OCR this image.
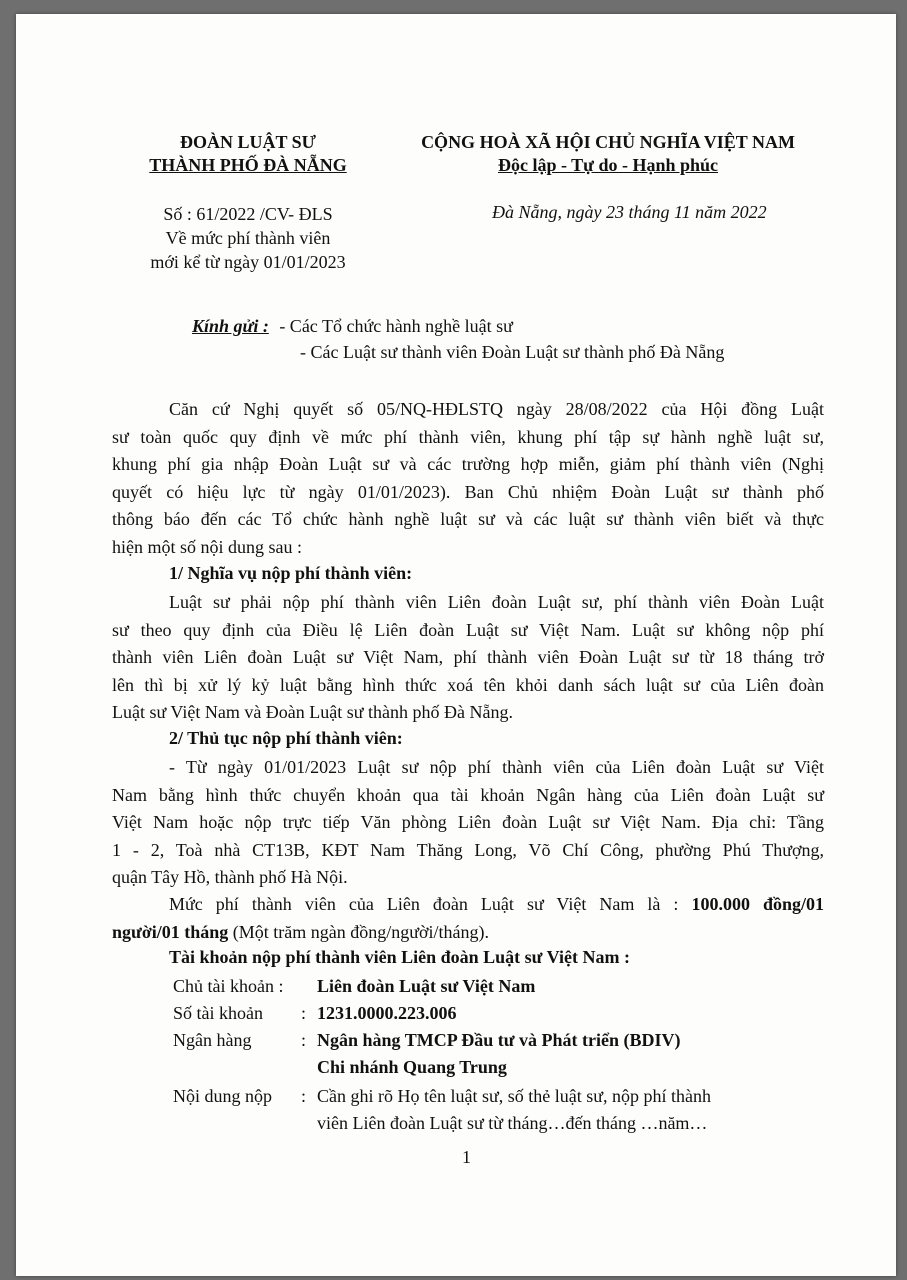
ĐOÀN LUẬT SƯ
THÀNH PHỐ ĐÀ NẴNG
CỘNG HOÀ XÃ HỘI CHỦ NGHĨA VIỆT NAM
Độc lập - Tự do - Hạnh phúc
Số : 61/2022 /CV- ĐLS
Về mức phí thành viên
mới kể từ ngày 01/01/2023
Đà Nẵng, ngày 23 tháng 11 năm 2022
Kính gửi : - Các Tổ chức hành nghề luật sư
- Các Luật sư thành viên Đoàn Luật sư thành phố Đà Nẵng
Căn cứ Nghị quyết số 05/NQ-HĐLSTQ ngày 28/08/2022 của Hội đồng Luật
sư toàn quốc quy định về mức phí thành viên, khung phí tập sự hành nghề luật sư,
khung phí gia nhập Đoàn Luật sư và các trường hợp miễn, giảm phí thành viên (Nghị
quyết có hiệu lực từ ngày 01/01/2023). Ban Chủ nhiệm Đoàn Luật sư thành phố
thông báo đến các Tổ chức hành nghề luật sư và các luật sư thành viên biết và thực
hiện một số nội dung sau :
1/ Nghĩa vụ nộp phí thành viên:
Luật sư phải nộp phí thành viên Liên đoàn Luật sư, phí thành viên Đoàn Luật
sư theo quy định của Điều lệ Liên đoàn Luật sư Việt Nam. Luật sư không nộp phí
thành viên Liên đoàn Luật sư Việt Nam, phí thành viên Đoàn Luật sư từ 18 tháng trở
lên thì bị xử lý kỷ luật bằng hình thức xoá tên khỏi danh sách luật sư của Liên đoàn
Luật sư Việt Nam và Đoàn Luật sư thành phố Đà Nẵng.
2/ Thủ tục nộp phí thành viên:
- Từ ngày 01/01/2023 Luật sư nộp phí thành viên của Liên đoàn Luật sư Việt
Nam bằng hình thức chuyển khoản qua tài khoản Ngân hàng của Liên đoàn Luật sư
Việt Nam hoặc nộp trực tiếp Văn phòng Liên đoàn Luật sư Việt Nam. Địa chỉ: Tầng
1 - 2, Toà nhà CT13B, KĐT Nam Thăng Long, Võ Chí Công, phường Phú Thượng,
quận Tây Hồ, thành phố Hà Nội.
Mức phí thành viên của Liên đoàn Luật sư Việt Nam là : 100.000 đồng/01
người/01 tháng (Một trăm ngàn đồng/người/tháng).
Tài khoản nộp phí thành viên Liên đoàn Luật sư Việt Nam :
Chủ tài khoản : Liên đoàn Luật sư Việt Nam
Số tài khoản : 1231.0000.223.006
Ngân hàng	: Ngân hàng TMCP Đầu tư và Phát triển (BDIV)
Chi nhánh Quang Trung
Nội dung nộp : Cần ghi rõ Họ tên luật sư, số thẻ luật sư, nộp phí thành
viên Liên đoàn Luật sư từ tháng…đến tháng …năm…
1
